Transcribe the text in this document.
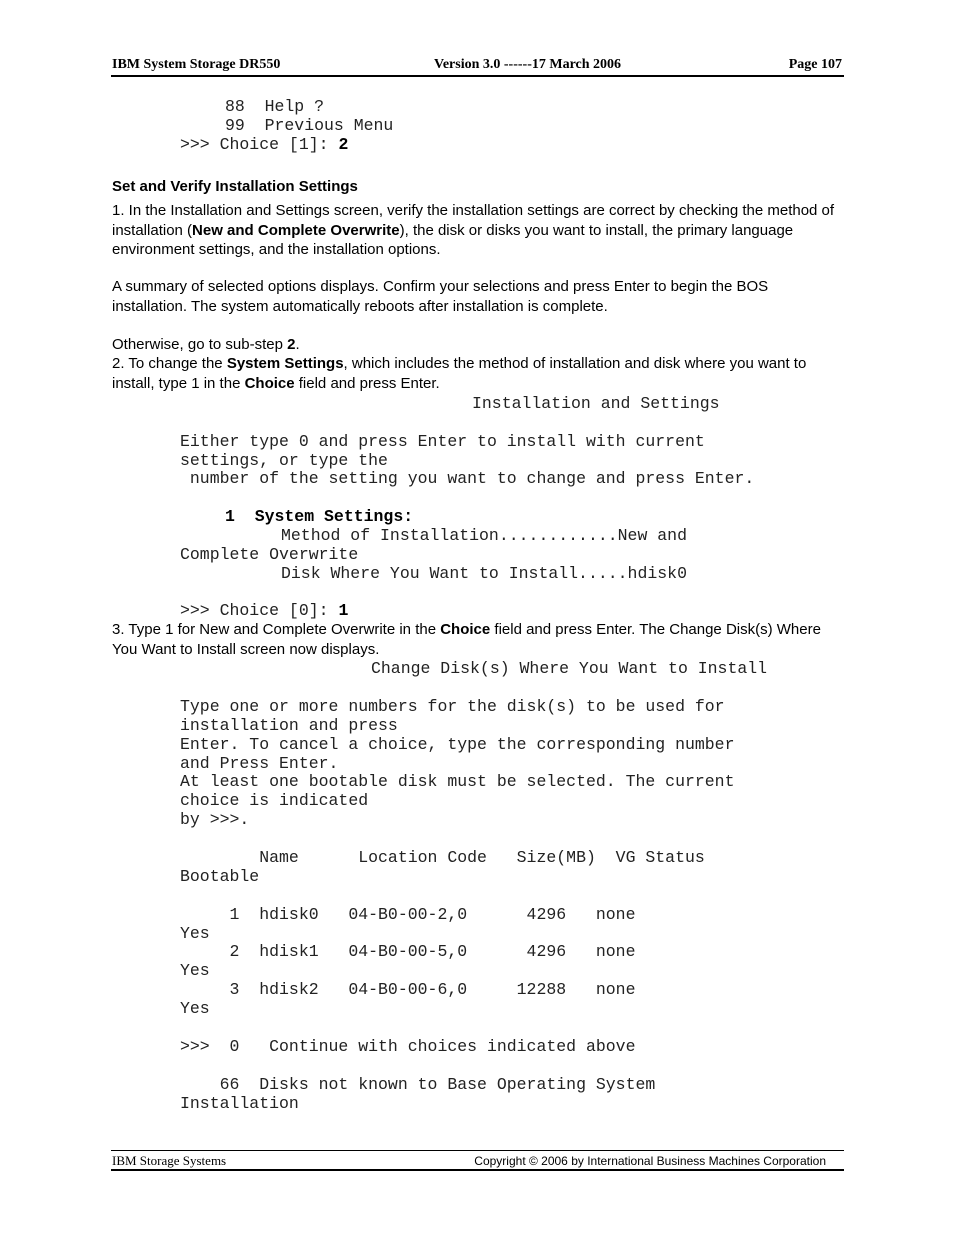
IBM System Storage DR550	Version 3.0 ------17 March 2006	Page 107
88  Help ?
99  Previous Menu
>>> Choice [1]: 2
Set and Verify Installation Settings
1. In the Installation and Settings screen, verify the installation settings are correct by checking the method of installation (New and Complete Overwrite), the disk or disks you want to install, the primary language environment settings, and the installation options.
A summary of selected options displays. Confirm your selections and press Enter to begin the BOS installation. The system automatically reboots after installation is complete.
Otherwise, go to sub-step 2.
2. To change the System Settings, which includes the method of installation and disk where you want to install, type 1 in the Choice field and press Enter.
Installation and Settings
Either type 0 and press Enter to install with current
settings, or type the
number of the setting you want to change and press Enter.
1  System Settings:
Method of Installation............New and
Complete Overwrite
Disk Where You Want to Install.....hdisk0
>>> Choice [0]: 1
3. Type 1 for New and Complete Overwrite in the Choice field and press Enter. The Change Disk(s) Where You Want to Install screen now displays.
Change Disk(s) Where You Want to Install
Type one or more numbers for the disk(s) to be used for
installation and press
Enter. To cancel a choice, type the corresponding number
and Press Enter.
At least one bootable disk must be selected. The current
choice is indicated
by >>>.
Name      Location Code   Size(MB)  VG Status
Bootable
1  hdisk0   04-B0-00-2,0      4296   none
Yes
2  hdisk1   04-B0-00-5,0      4296   none
Yes
3  hdisk2   04-B0-00-6,0     12288   none
Yes
>>>  0   Continue with choices indicated above
66  Disks not known to Base Operating System
Installation
IBM Storage Systems	Copyright © 2006 by International Business Machines Corporation
